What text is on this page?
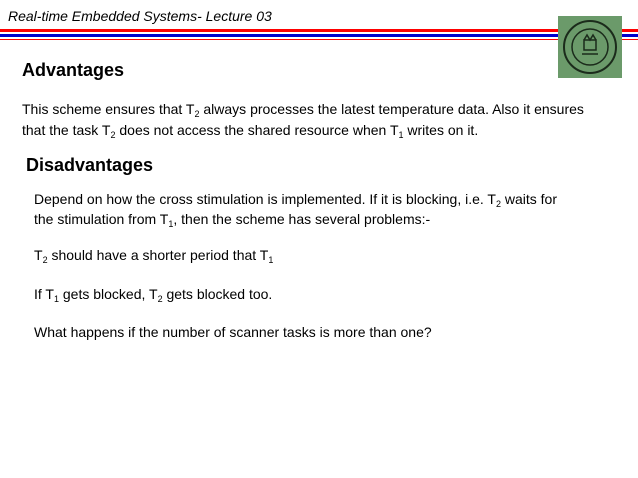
Real-time Embedded Systems- Lecture 03
Advantages
This scheme ensures that $T_2$ always processes the latest temperature data. Also it ensures
that the task $T_2$ does not access the shared resource when $T_1$ writes on it.
Disadvantages
Depend on how the cross stimulation is implemented. If it is blocking, i.e. $T_2$ waits for
the stimulation from $T_1$, then the scheme has several problems:-
$T_2$ should have a shorter period that $T_1$
If $T_1$ gets blocked, $T_2$ gets blocked too.
What happens if the number of scanner tasks is more than one?
